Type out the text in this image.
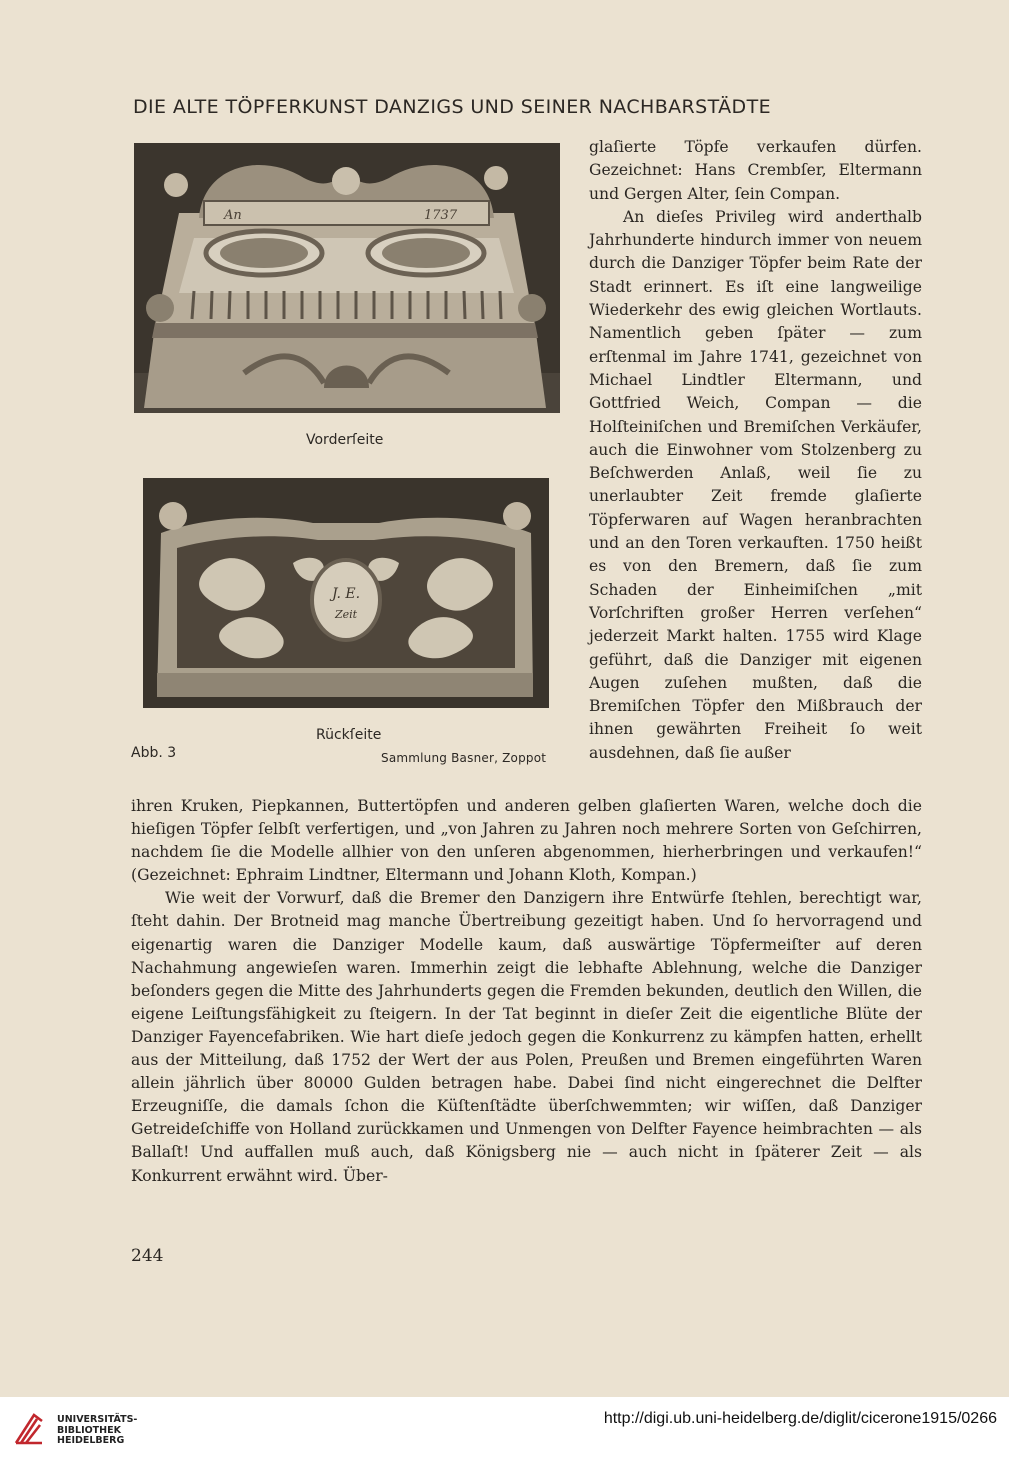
DIE ALTE TÖPFERKUNST DANZIGS UND SEINER NACHBARSTÄDTE
An	1737
Vorderſeite
J. E.
Zeit
Rückſeite
Abb. 3	Sammlung Basner, Zoppot

glaſierte Töpfe verkaufen dürfen. Gezeichnet: Hans Crembſer, Eltermann und Gergen Alter, ſein Compan.

An dieſes Privileg wird anderthalb Jahrhunderte hindurch immer von neuem durch die Danziger Töpfer beim Rate der Stadt erinnert. Es iſt eine langweilige Wiederkehr des ewig gleichen Wortlauts. Namentlich geben ſpäter — zum erſtenmal im Jahre 1741, gezeichnet von Michael Lindtler Eltermann, und Gottfried Weich, Compan — die Holſteiniſchen und Bremiſchen Verkäufer, auch die Einwohner vom Stolzenberg zu Beſchwerden Anlaß, weil ſie zu unerlaubter Zeit fremde glaſierte Töpferwaren auf Wagen heranbrachten und an den Toren verkauften. 1750 heißt es von den Bremern, daß ſie zum Schaden der Einheimiſchen „mit Vorſchriften großer Herren verſehen“ jederzeit Markt halten. 1755 wird Klage geführt, daß die Danziger mit eigenen Augen zuſehen mußten, daß die Bremiſchen Töpfer den Mißbrauch der ihnen gewährten Freiheit ſo weit ausdehnen, daß ſie außer

ihren Kruken, Piepkannen, Buttertöpfen und anderen gelben glaſierten Waren, welche doch die hieſigen Töpfer ſelbſt verfertigen, und „von Jahren zu Jahren noch mehrere Sorten von Geſchirren, nachdem ſie die Modelle allhier von den unſeren abgenommen, hierherbringen und verkaufen!“ (Gezeichnet: Ephraim Lindtner, Eltermann und Johann Kloth, Kompan.)

Wie weit der Vorwurf, daß die Bremer den Danzigern ihre Entwürfe ſtehlen, berechtigt war, ſteht dahin. Der Brotneid mag manche Übertreibung gezeitigt haben. Und ſo hervorragend und eigenartig waren die Danziger Modelle kaum, daß auswärtige Töpfermeiſter auf deren Nachahmung angewieſen waren. Immerhin zeigt die lebhafte Ablehnung, welche die Danziger beſonders gegen die Mitte des Jahrhunderts gegen die Fremden bekunden, deutlich den Willen, die eigene Leiſtungsfähigkeit zu ſteigern. In der Tat beginnt in dieſer Zeit die eigentliche Blüte der Danziger Fayencefabriken. Wie hart dieſe jedoch gegen die Konkurrenz zu kämpfen hatten, erhellt aus der Mitteilung, daß 1752 der Wert der aus Polen, Preußen und Bremen eingeführten Waren allein jährlich über 80000 Gulden betragen habe. Dabei ſind nicht eingerechnet die Delfter Erzeugniſſe, die damals ſchon die Küſtenſtädte überſchwemmten; wir wiſſen, daß Danziger Getreideſchiffe von Holland zurückkamen und Unmengen von Delfter Fayence heimbrachten — als Ballaſt! Und auffallen muß auch, daß Königsberg nie — auch nicht in ſpäterer Zeit — als Konkurrent erwähnt wird. Über-

244
UNIVERSITÄTS-
BIBLIOTHEK
HEIDELBERG
http://digi.ub.uni-heidelberg.de/diglit/cicerone1915/0266
